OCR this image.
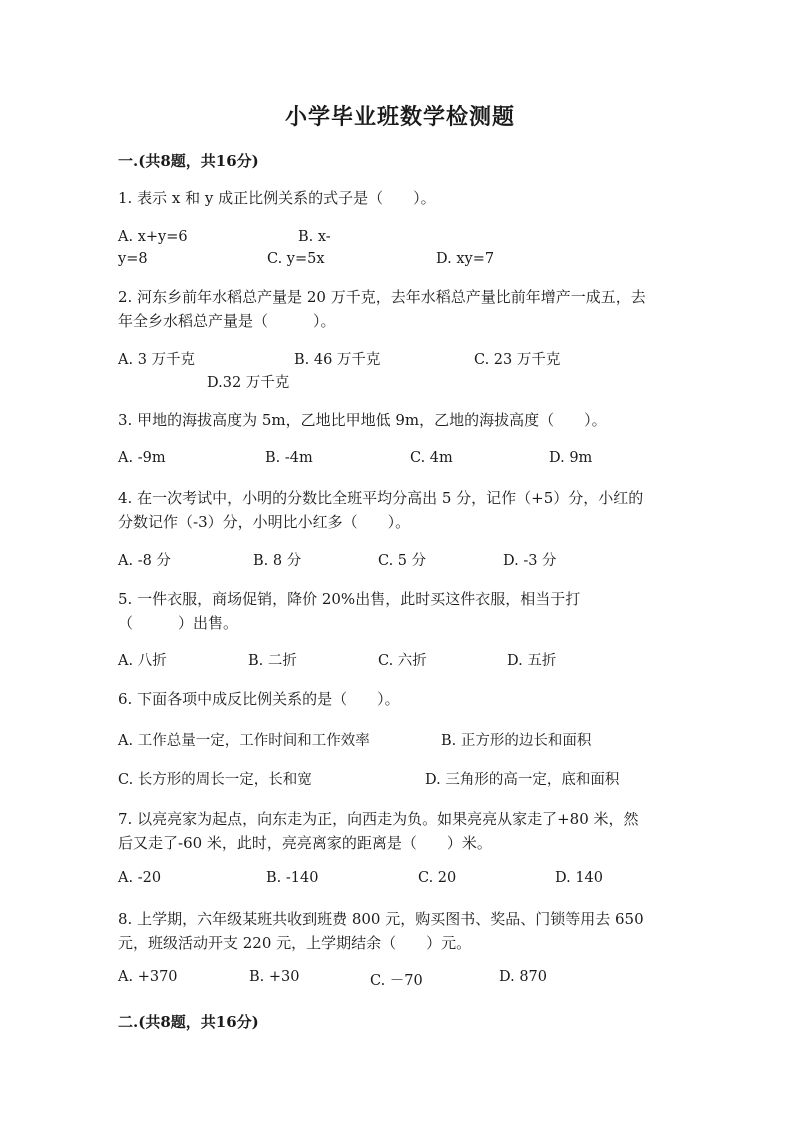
小学毕业班数学检测题
一.(共8题，共16分)
1. 表示 x 和 y 成正比例关系的式子是（　　）。
A. x+y=6	B. x-
y=8	C. y=5x	D. xy=7
2. 河东乡前年水稻总产量是 20 万千克，去年水稻总产量比前年增产一成五，去
年全乡水稻总产量是（　　　）。
A. 3 万千克	B. 46 万千克	C. 23 万千克
D.32 万千克
3. 甲地的海拔高度为 5m，乙地比甲地低 9m，乙地的海拔高度（　　）。
A. -9m	B. -4m	C. 4m	D. 9m
4. 在一次考试中，小明的分数比全班平均分高出 5 分，记作（+5）分，小红的
分数记作（-3）分，小明比小红多（　　）。
A. -8 分	B. 8 分	C. 5 分	D. -3 分
5. 一件衣服，商场促销，降价 20%出售，此时买这件衣服，相当于打
（　　　）出售。
A. 八折	B. 二折	C. 六折	D. 五折
6. 下面各项中成反比例关系的是（　　）。
A. 工作总量一定，工作时间和工作效率	B. 正方形的边长和面积
C. 长方形的周长一定，长和宽	D. 三角形的高一定，底和面积
7. 以亮亮家为起点，向东走为正，向西走为负。如果亮亮从家走了+80 米，然
后又走了-60 米，此时，亮亮离家的距离是（　　）米。
A. -20	B. -140	C. 20	D. 140
8. 上学期，六年级某班共收到班费 800 元，购买图书、奖品、门锁等用去 650
元，班级活动开支 220 元，上学期结余（　　）元。
A. +370	B. +30	C. －70	D. 870
二.(共8题，共16分)
